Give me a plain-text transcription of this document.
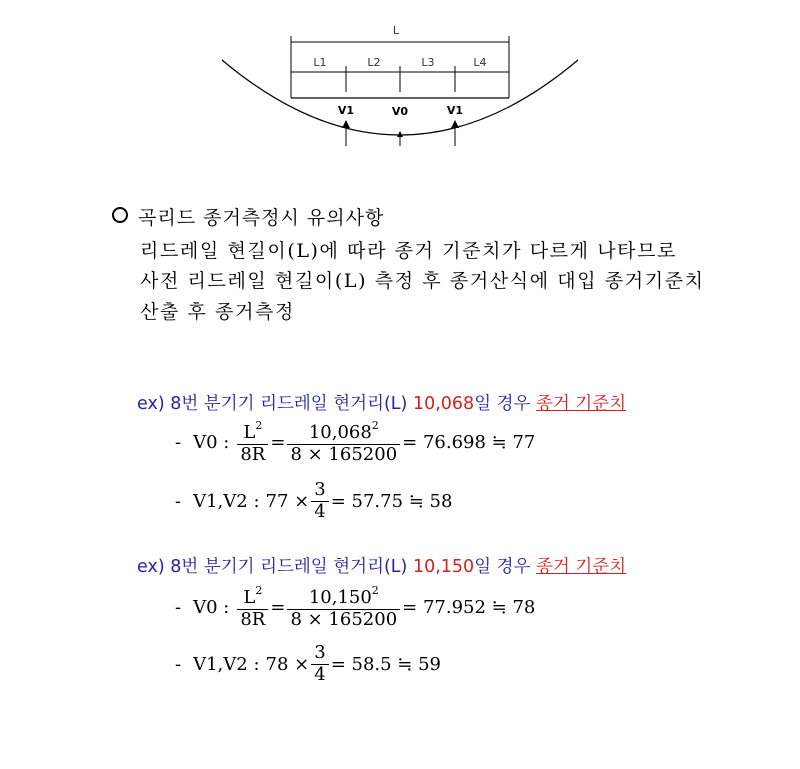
L
L1	L2	L3	L4
V1	V0	V1
곡리드 종거측정시 유의사항
리드레일 현길이(L)에 따라 종거 기준치가 다르게 나타므로
사전 리드레일 현길이(L) 측정 후 종거산식에 대입 종거기준치
산출 후 종거측정
ex) 8번 분기기 리드레일 현거리(L) 10,068일 경우 종거 기준치
- V0 : $\frac{L^2}{8R} = \frac{10,068^2}{8 \times 165200} = 76.698$ ≒ 77
- V1,V2 : $77 \times \frac{3}{4} = 57.75$ ≒ 58
ex) 8번 분기기 리드레일 현거리(L) 10,150일 경우 종거 기준치
- V0 : $\frac{L^2}{8R} = \frac{10,150^2}{8 \times 165200} = 77.952$ ≒ 78
- V1,V2 : $78 \times \frac{3}{4} = 58.5$ ≒ 59
